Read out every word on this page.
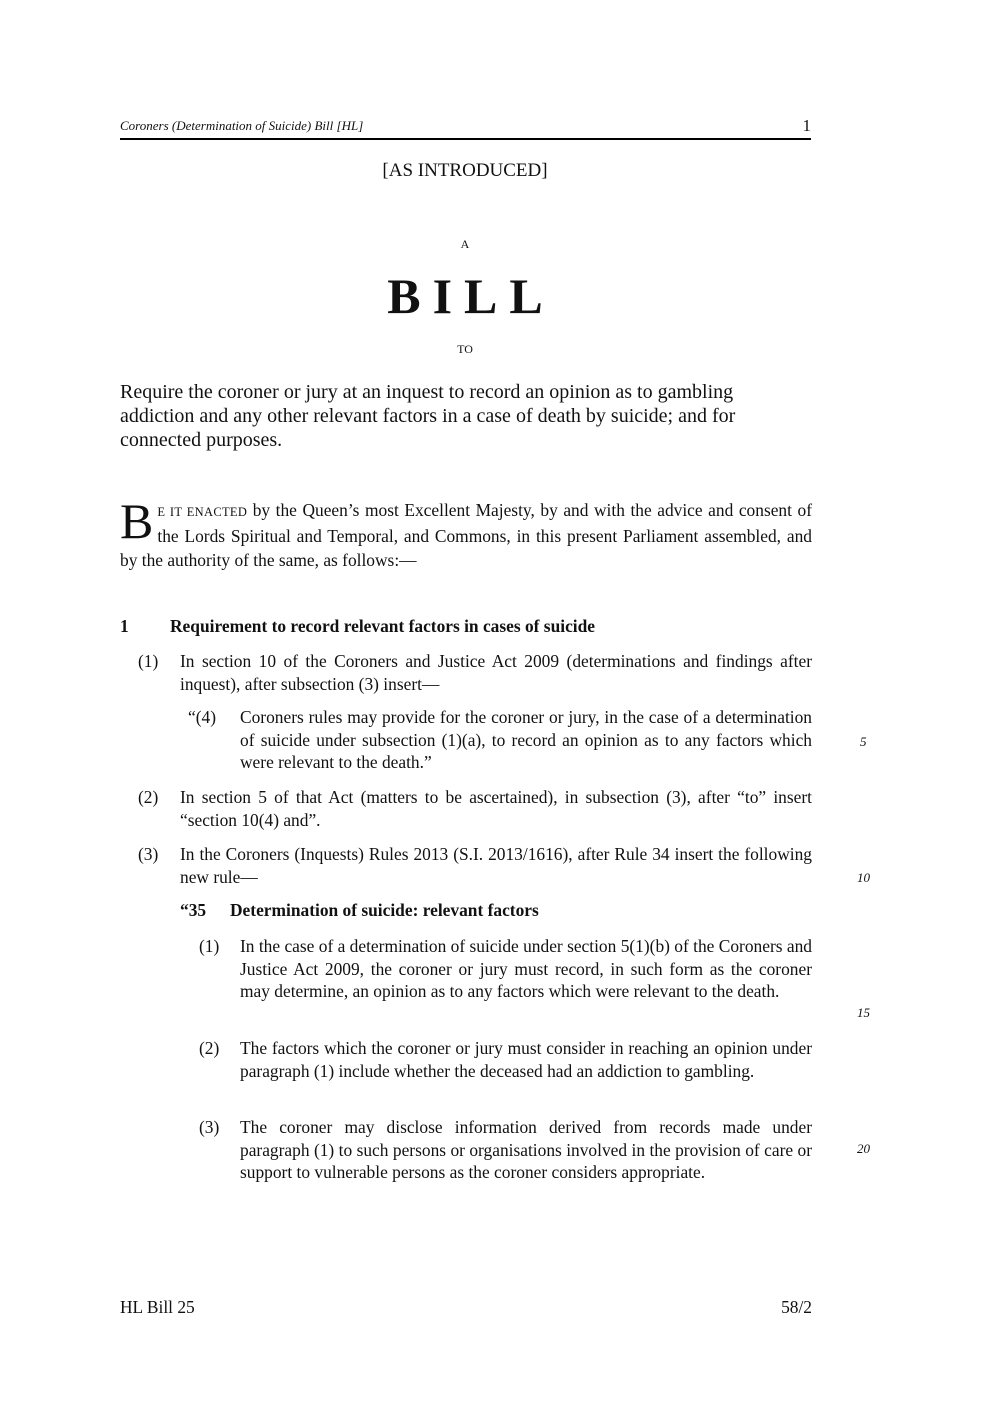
Coroners (Determination of Suicide) Bill [HL]	1
[AS INTRODUCED]
A
BILL
TO
Require the coroner or jury at an inquest to record an opinion as to gambling addiction and any other relevant factors in a case of death by suicide; and for connected purposes.
B E IT ENACTED by the Queen’s most Excellent Majesty, by and with the advice and consent of the Lords Spiritual and Temporal, and Commons, in this present Parliament assembled, and by the authority of the same, as follows:—
1 Requirement to record relevant factors in cases of suicide
(1) In section 10 of the Coroners and Justice Act 2009 (determinations and findings after inquest), after subsection (3) insert—
“(4) Coroners rules may provide for the coroner or jury, in the case of a determination of suicide under subsection (1)(a), to record an opinion as to any factors which were relevant to the death.”
(2) In section 5 of that Act (matters to be ascertained), in subsection (3), after “to” insert “section 10(4) and”.
(3) In the Coroners (Inquests) Rules 2013 (S.I. 2013/1616), after Rule 34 insert the following new rule—
“35 Determination of suicide: relevant factors
(1) In the case of a determination of suicide under section 5(1)(b) of the Coroners and Justice Act 2009, the coroner or jury must record, in such form as the coroner may determine, an opinion as to any factors which were relevant to the death.
(2) The factors which the coroner or jury must consider in reaching an opinion under paragraph (1) include whether the deceased had an addiction to gambling.
(3) The coroner may disclose information derived from records made under paragraph (1) to such persons or organisations involved in the provision of care or support to vulnerable persons as the coroner considers appropriate.
5
10
15
20
HL Bill 25	58/2
